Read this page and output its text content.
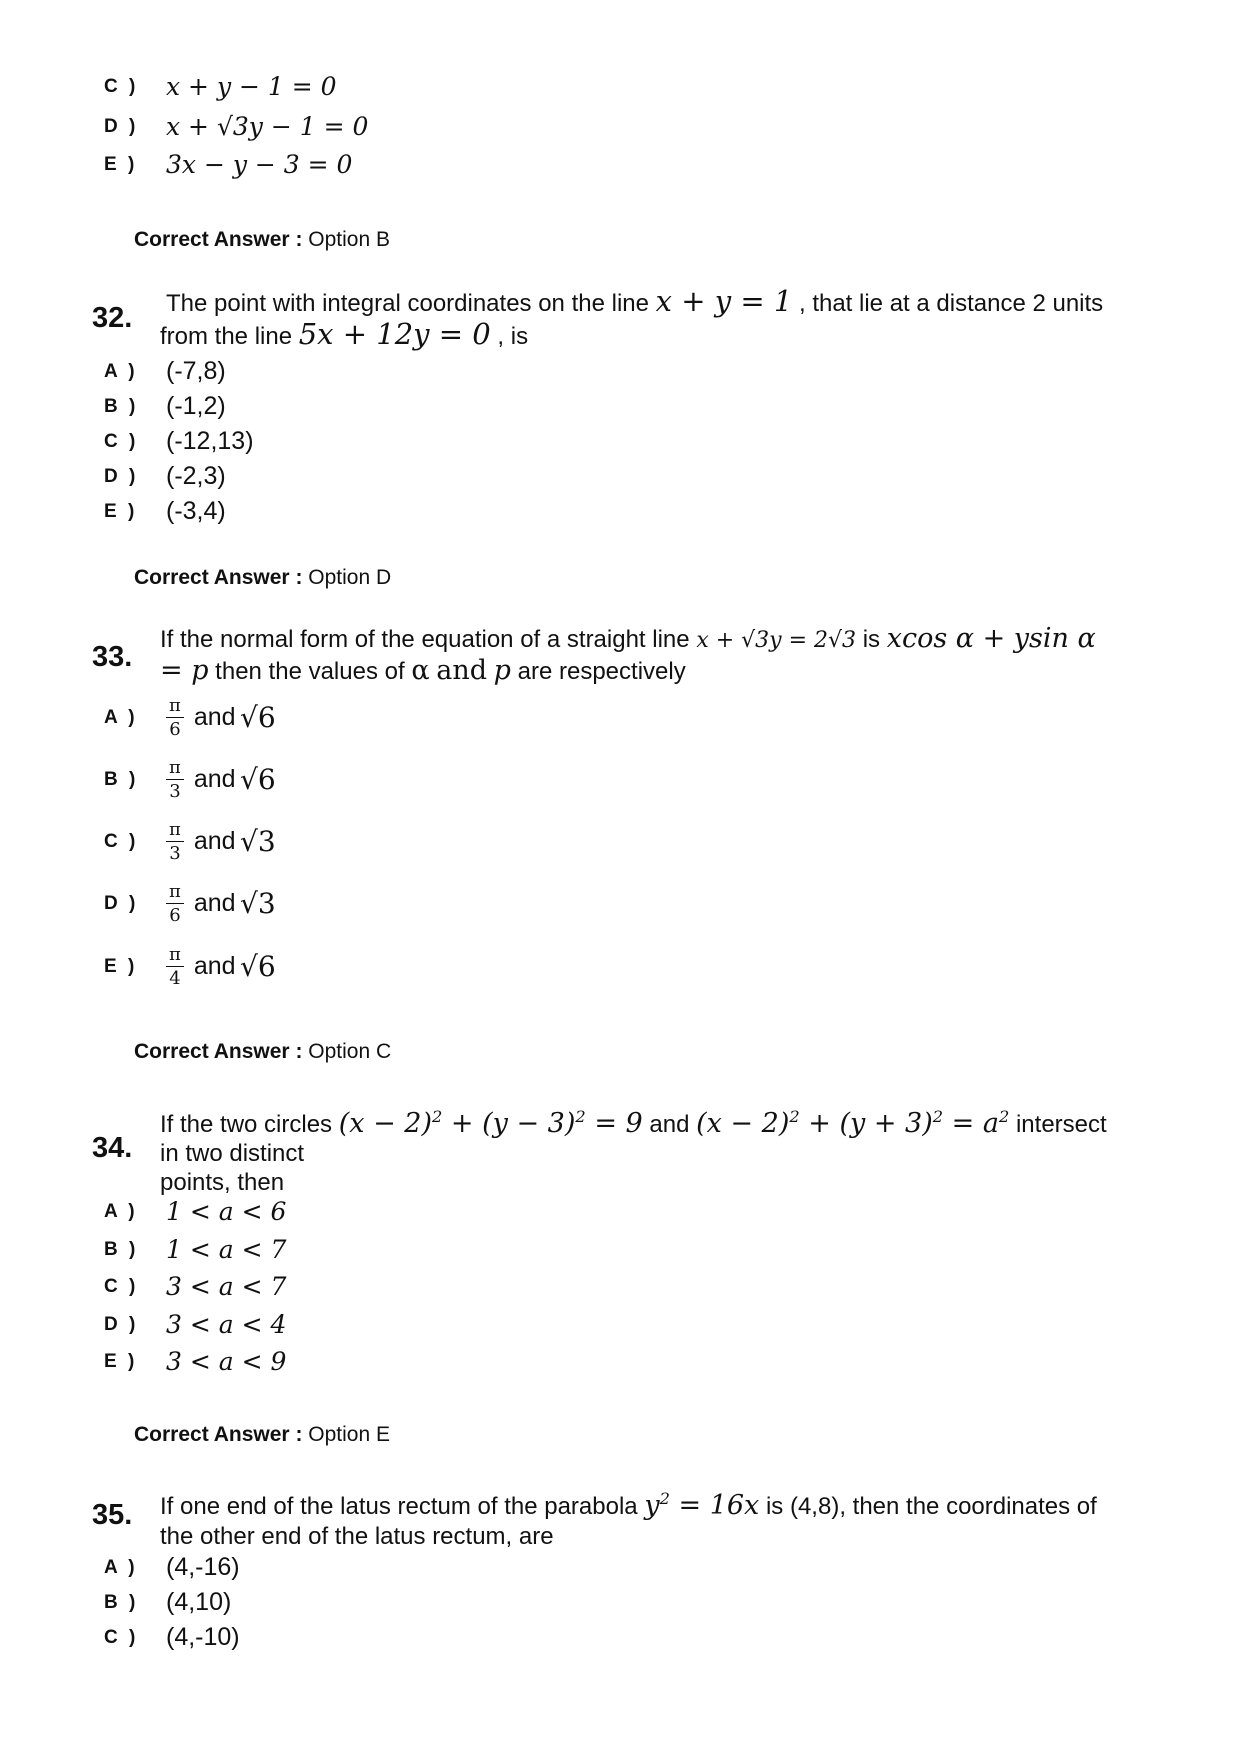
C )	x + y − 1 = 0
D )	x + √3y − 1 = 0
E )	3x − y − 3 = 0
Correct Answer : Option B
32. The point with integral coordinates on the line x + y = 1 , that lie at a distance 2 units
from the line 5x + 12y = 0 , is
A )	(-7,8)
B )	(-1,2)
C )	(-12,13)
D )	(-2,3)
E )	(-3,4)
Correct Answer : Option D
33.
If the normal form of the equation of a straight line x + √3y = 2√3 is xcos α + ysin α
= p then the values of α and p are respectively
A )	$\frac{\pi}{6}$ and
√6
B )	$\frac{\pi}{3}$ and
√6
C )	$\frac{\pi}{3}$ and
√3
D )	$\frac{\pi}{6}$ and
√3
E )	$\frac{\pi}{4}$ and
√6
Correct Answer : Option C
34.
If the two circles $(x - 2)^2 + (y - 3)^2 = 9$ and $(x - 2)^2 + (y + 3)^2 = a^2$ intersect
in two distinct
points, then
A )	1 < a < 6
B )	1 < a < 7
C )	3 < a < 7
D )	3 < a < 4
E )	3 < a < 9
Correct Answer : Option E
35. If one end of the latus rectum of the parabola $y^2 = 16x$ is (4,8), then the coordinates of
the other end of the latus rectum, are
A )	(4,-16)
B )	(4,10)
C )	(4,-10)
